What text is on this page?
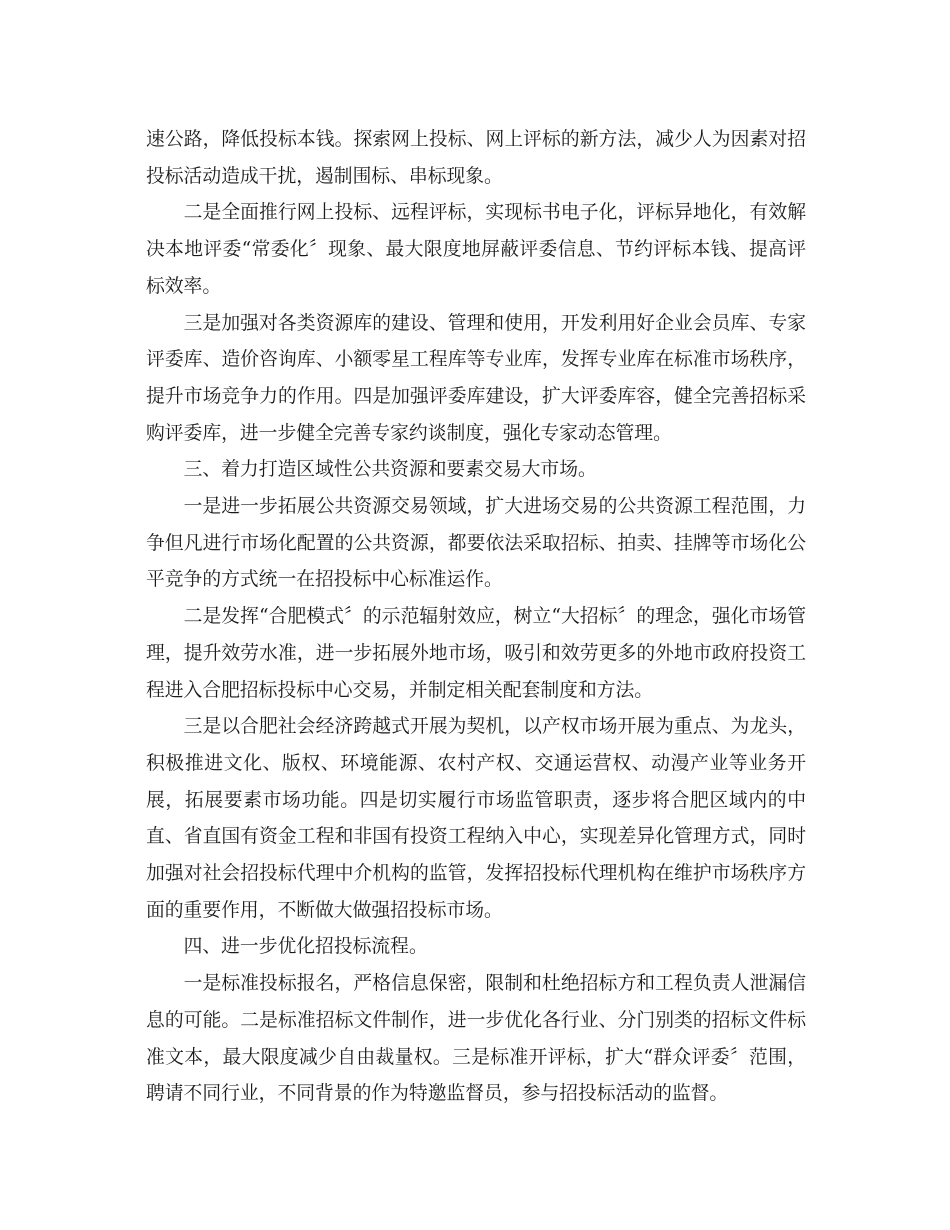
速公路，降低投标本钱。探索网上投标、网上评标的新方法，减少人为因素对招投标活动造成干扰，遏制围标、串标现象。

二是全面推行网上投标、远程评标，实现标书电子化，评标异地化，有效解决本地评委“常委化〞现象、最大限度地屏蔽评委信息、节约评标本钱、提高评标效率。

三是加强对各类资源库的建设、管理和使用，开发利用好企业会员库、专家评委库、造价咨询库、小额零星工程库等专业库，发挥专业库在标准市场秩序，提升市场竞争力的作用。四是加强评委库建设，扩大评委库容，健全完善招标采购评委库，进一步健全完善专家约谈制度，强化专家动态管理。

三、着力打造区域性公共资源和要素交易大市场。

一是进一步拓展公共资源交易领域，扩大进场交易的公共资源工程范围，力争但凡进行市场化配置的公共资源，都要依法采取招标、拍卖、挂牌等市场化公平竞争的方式统一在招投标中心标准运作。

二是发挥“合肥模式〞的示范辐射效应，树立“大招标〞的理念，强化市场管理，提升效劳水准，进一步拓展外地市场，吸引和效劳更多的外地市政府投资工程进入合肥招标投标中心交易，并制定相关配套制度和方法。

三是以合肥社会经济跨越式开展为契机，以产权市场开展为重点、为龙头，积极推进文化、版权、环境能源、农村产权、交通运营权、动漫产业等业务开展，拓展要素市场功能。四是切实履行市场监管职责，逐步将合肥区域内的中直、省直国有资金工程和非国有投资工程纳入中心，实现差异化管理方式，同时加强对社会招投标代理中介机构的监管，发挥招投标代理机构在维护市场秩序方面的重要作用，不断做大做强招投标市场。

四、进一步优化招投标流程。

一是标准投标报名，严格信息保密，限制和杜绝招标方和工程负责人泄漏信息的可能。二是标准招标文件制作，进一步优化各行业、分门别类的招标文件标准文本，最大限度减少自由裁量权。三是标准开评标，扩大“群众评委〞范围，聘请不同行业，不同背景的作为特邀监督员，参与招投标活动的监督。
